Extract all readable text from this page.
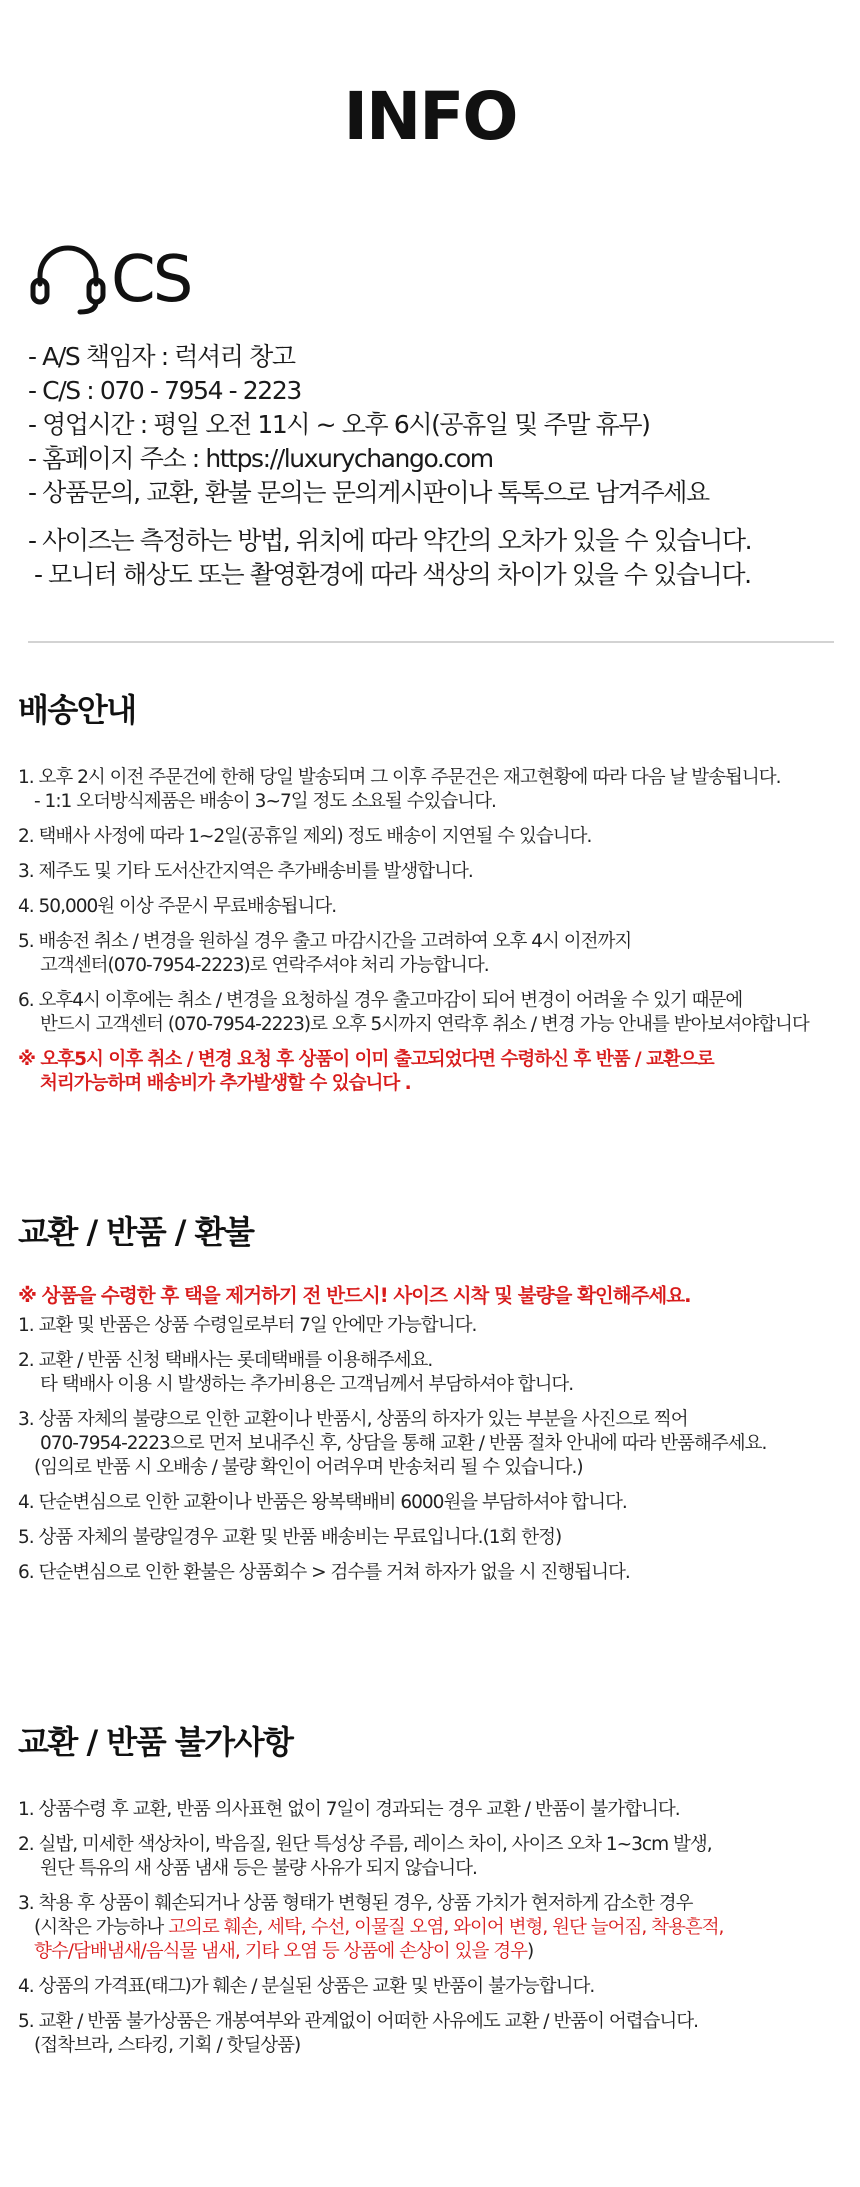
INFO
CS
- A/S 책임자 : 럭셔리 창고
- C/S : 070 - 7954 - 2223
- 영업시간 : 평일 오전 11시 ~ 오후 6시(공휴일 및 주말 휴무)
- 홈페이지 주소 : https://luxurychango.com
- 상품문의, 교환, 환불 문의는 문의게시판이나 톡톡으로 남겨주세요
- 사이즈는 측정하는 방법, 위치에 따라 약간의 오차가 있을 수 있습니다.
- 모니터 해상도 또는 촬영환경에 따라 색상의 차이가 있을 수 있습니다.
배송안내
1. 오후 2시 이전 주문건에 한해 당일 발송되며 그 이후 주문건은 재고현황에 따라 다음 날 발송됩니다.
- 1:1 오더방식제품은 배송이 3~7일 정도 소요될 수있습니다.
2. 택배사 사정에 따라 1~2일(공휴일 제외) 정도 배송이 지연될 수 있습니다.
3. 제주도 및 기타 도서산간지역은 추가배송비를 발생합니다.
4. 50,000원 이상 주문시 무료배송됩니다.
5. 배송전 취소 / 변경을 원하실 경우 출고 마감시간을 고려하여 오후 4시 이전까지
고객센터(070-7954-2223)로 연락주셔야 처리 가능합니다.
6. 오후4시 이후에는 취소 / 변경을 요청하실 경우 출고마감이 되어 변경이 어려울 수 있기 때문에
반드시 고객센터 (070-7954-2223)로 오후 5시까지 연락후 취소 / 변경 가능 안내를 받아보셔야합니다
※ 오후5시 이후 취소 / 변경 요청 후 상품이 이미 출고되었다면 수령하신 후 반품 / 교환으로
처리가능하며 배송비가 추가발생할 수 있습니다 .
교환 / 반품 / 환불
※ 상품을 수령한 후 택을 제거하기 전 반드시! 사이즈 시착 및 불량을 확인해주세요.
1. 교환 및 반품은 상품 수령일로부터 7일 안에만 가능합니다.
2. 교환 / 반품 신청 택배사는 롯데택배를 이용해주세요.
타 택배사 이용 시 발생하는 추가비용은 고객님께서 부담하셔야 합니다.
3. 상품 자체의 불량으로 인한 교환이나 반품시, 상품의 하자가 있는 부분을 사진으로 찍어
070-7954-2223으로 먼저 보내주신 후, 상담을 통해 교환 / 반품 절차 안내에 따라 반품해주세요.
(임의로 반품 시 오배송 / 불량 확인이 어려우며 반송처리 될 수 있습니다.)
4. 단순변심으로 인한 교환이나 반품은 왕복택배비 6000원을 부담하셔야 합니다.
5. 상품 자체의 불량일경우 교환 및 반품 배송비는 무료입니다.(1회 한정)
6. 단순변심으로 인한 환불은 상품회수 > 검수를 거쳐 하자가 없을 시 진행됩니다.
교환 / 반품 불가사항
1. 상품수령 후 교환, 반품 의사표현 없이 7일이 경과되는 경우 교환 / 반품이 불가합니다.
2. 실밥, 미세한 색상차이, 박음질, 원단 특성상 주름, 레이스 차이, 사이즈 오차 1~3cm 발생,
원단 특유의 새 상품 냄새 등은 불량 사유가 되지 않습니다.
3. 착용 후 상품이 훼손되거나 상품 형태가 변형된 경우, 상품 가치가 현저하게 감소한 경우
(시착은 가능하나 고의로 훼손, 세탁, 수선, 이물질 오염, 와이어 변형, 원단 늘어짐, 착용흔적,
향수/담배냄새/음식물 냄새, 기타 오염 등 상품에 손상이 있을 경우)
4. 상품의 가격표(태그)가 훼손 / 분실된 상품은 교환 및 반품이 불가능합니다.
5. 교환 / 반품 불가상품은 개봉여부와 관계없이 어떠한 사유에도 교환 / 반품이 어렵습니다.
(접착브라, 스타킹, 기획 / 핫딜상품)
